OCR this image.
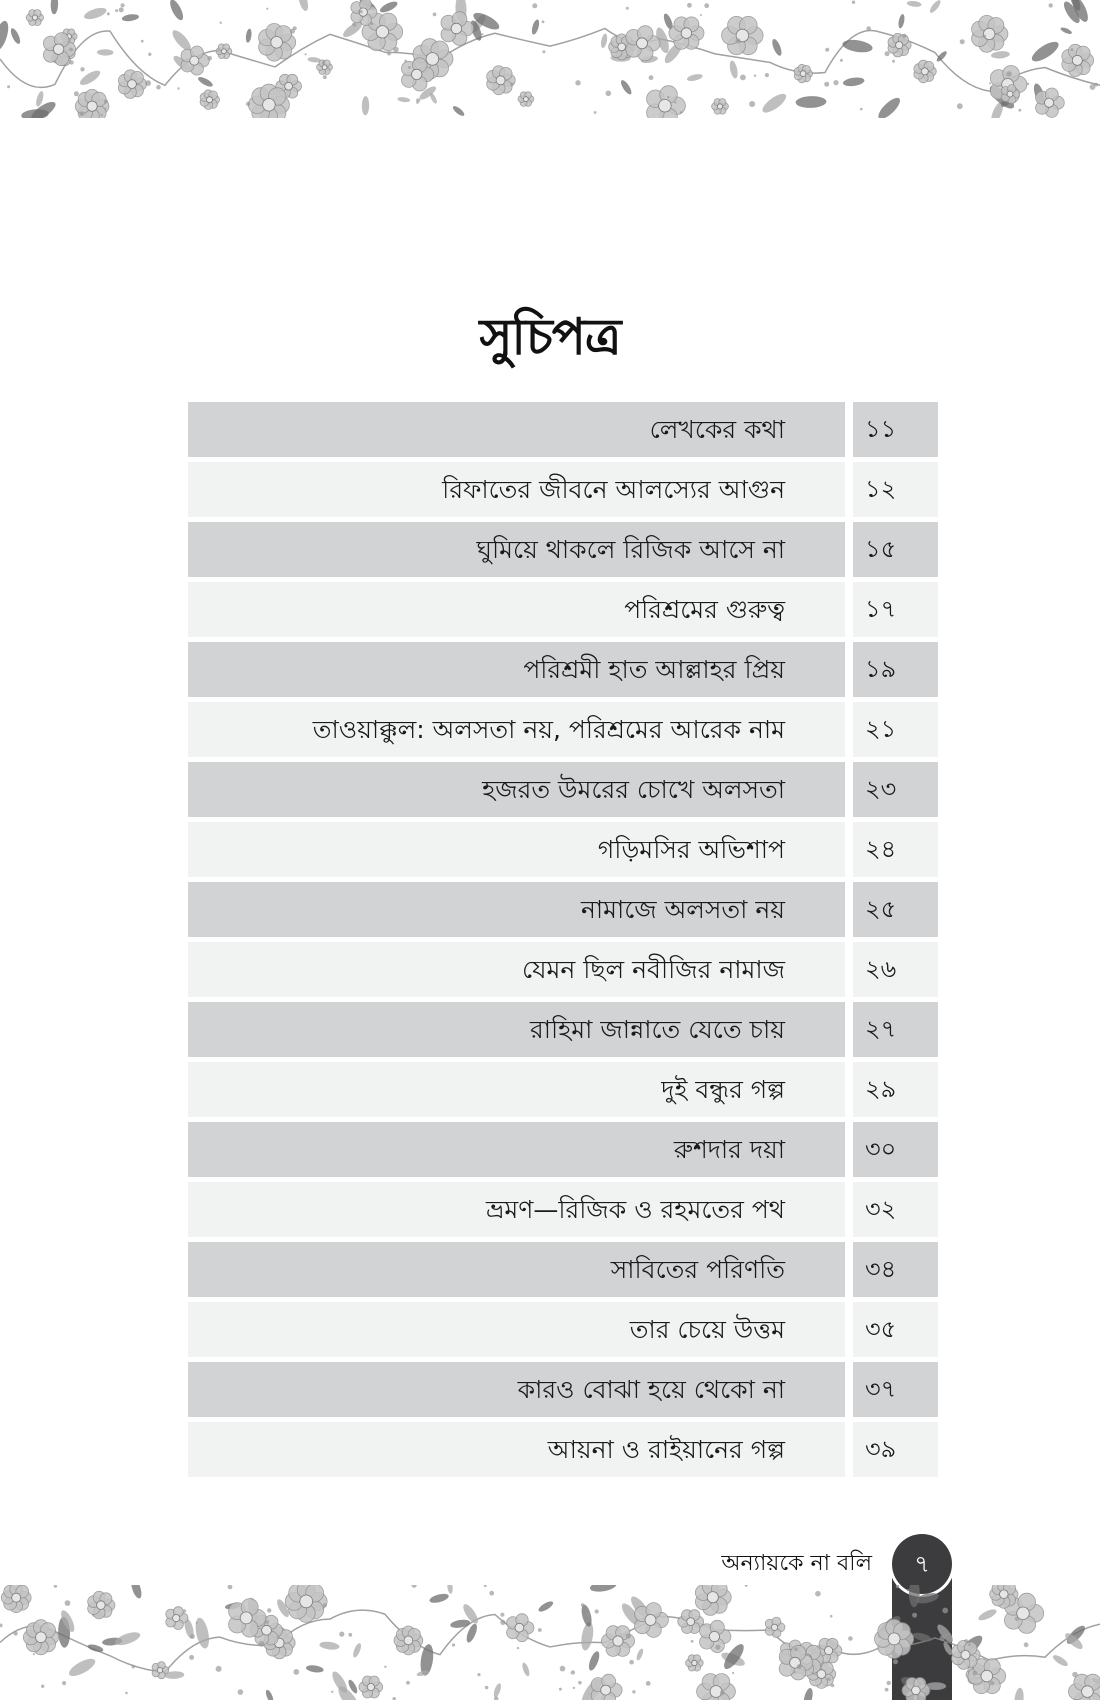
সুচিপত্র
লেখকের কথা	১১
রিফাতের জীবনে আলস্যের আগুন	১২
ঘুমিয়ে থাকলে রিজিক আসে না	১৫
পরিশ্রমের গুরুত্ব	১৭
পরিশ্রমী হাত আল্লাহর প্রিয়	১৯
তাওয়াক্কুল: অলসতা নয়, পরিশ্রমের আরেক নাম	২১
হজরত উমরের চোখে অলসতা	২৩
গড়িমসির অভিশাপ	২৪
নামাজে অলসতা নয়	২৫
যেমন ছিল নবীজির নামাজ	২৬
রাহিমা জান্নাতে যেতে চায়	২৭
দুই বন্ধুর গল্প	২৯
রুশদার দয়া	৩০
ভ্রমণ—রিজিক ও রহমতের পথ	৩২
সাবিতের পরিণতি	৩৪
তার চেয়ে উত্তম	৩৫
কারও বোঝা হয়ে থেকো না	৩৭
আয়না ও রাইয়ানের গল্প	৩৯
অন্যায়কে না বলি	৭
